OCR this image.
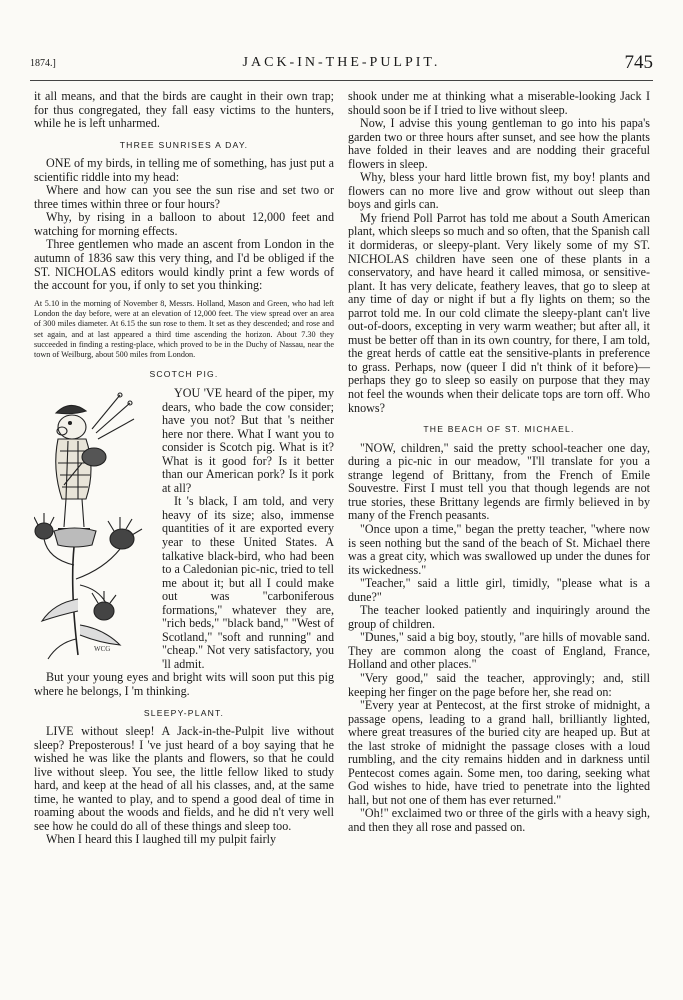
1874.]	JACK-IN-THE-PULPIT.	745

it all means, and that the birds are caught in their own trap; for thus congregated, they fall easy victims to the hunters, while he is left unharmed.

THREE SUNRISES A DAY.

ONE of my birds, in telling me of something, has just put a scientific riddle into my head:

Where and how can you see the sun rise and set two or three times within three or four hours?

Why, by rising in a balloon to about 12,000 feet and watching for morning effects.

Three gentlemen who made an ascent from London in the autumn of 1836 saw this very thing, and I'd be obliged if the ST. NICHOLAS editors would kindly print a few words of the account for you, if only to set you thinking:

At 5.10 in the morning of November 8, Messrs. Holland, Mason and Green, who had left London the day before, were at an elevation of 12,000 feet. The view spread over an area of 300 miles diameter. At 6.15 the sun rose to them. It set as they descended; and rose and set again, and at last appeared a third time ascending the horizon. About 7.30 they succeeded in finding a resting-place, which proved to be in the Duchy of Nassau, near the town of Weilburg, about 500 miles from London.

SCOTCH PIG.
WCG

YOU 'VE heard of the piper, my dears, who bade the cow consider; have you not? But that 's neither here nor there. What I want you to consider is Scotch pig. What is it? What is it good for? Is it better than our American pork? Is it pork at all?

It 's black, I am told, and very heavy of its size; also, immense quantities of it are exported every year to these United States. A talkative black-bird, who had been to a Caledonian pic-nic, tried to tell me about it; but all I could make out was "carboniferous formations," whatever they are, "rich beds," "black band," "West of Scotland," "soft and running" and "cheap." Not very satisfactory, you 'll admit.

But your young eyes and bright wits will soon put this pig where he belongs, I 'm thinking.

SLEEPY-PLANT.

LIVE without sleep! A Jack-in-the-Pulpit live without sleep? Preposterous! I 've just heard of a boy saying that he wished he was like the plants and flowers, so that he could live without sleep. You see, the little fellow liked to study hard, and keep at the head of all his classes, and, at the same time, he wanted to play, and to spend a good deal of time in roaming about the woods and fields, and he did n't very well see how he could do all of these things and sleep too.

When I heard this I laughed till my pulpit fairly

shook under me at thinking what a miserable-looking Jack I should soon be if I tried to live without sleep.

Now, I advise this young gentleman to go into his papa's garden two or three hours after sunset, and see how the plants have folded in their leaves and are nodding their graceful flowers in sleep.

Why, bless your hard little brown fist, my boy! plants and flowers can no more live and grow without out sleep than boys and girls can.

My friend Poll Parrot has told me about a South American plant, which sleeps so much and so often, that the Spanish call it dormideras, or sleepy-plant. Very likely some of my ST. NICHOLAS children have seen one of these plants in a conservatory, and have heard it called mimosa, or sensitive-plant. It has very delicate, feathery leaves, that go to sleep at any time of day or night if but a fly lights on them; so the parrot told me. In our cold climate the sleepy-plant can't live out-of-doors, excepting in very warm weather; but after all, it must be better off than in its own country, for there, I am told, the great herds of cattle eat the sensitive-plants in preference to grass. Perhaps, now (queer I did n't think of it before)—perhaps they go to sleep so easily on purpose that they may not feel the wounds when their delicate tops are torn off. Who knows?

THE BEACH OF ST. MICHAEL.

"NOW, children," said the pretty school-teacher one day, during a pic-nic in our meadow, "I'll translate for you a strange legend of Brittany, from the French of Emile Souvestre. First I must tell you that though legends are not true stories, these Brittany legends are firmly believed in by many of the French peasants.

"Once upon a time," began the pretty teacher, "where now is seen nothing but the sand of the beach of St. Michael there was a great city, which was swallowed up under the dunes for its wickedness."

"Teacher," said a little girl, timidly, "please what is a dune?"

The teacher looked patiently and inquiringly around the group of children.

"Dunes," said a big boy, stoutly, "are hills of movable sand. They are common along the coast of England, France, Holland and other places."

"Very good," said the teacher, approvingly; and, still keeping her finger on the page before her, she read on:

"Every year at Pentecost, at the first stroke of midnight, a passage opens, leading to a grand hall, brilliantly lighted, where great treasures of the buried city are heaped up. But at the last stroke of midnight the passage closes with a loud rumbling, and the city remains hidden and in darkness until Pentecost comes again. Some men, too daring, seeking what God wishes to hide, have tried to penetrate into the lighted hall, but not one of them has ever returned."

"Oh!" exclaimed two or three of the girls with a heavy sigh, and then they all rose and passed on.
